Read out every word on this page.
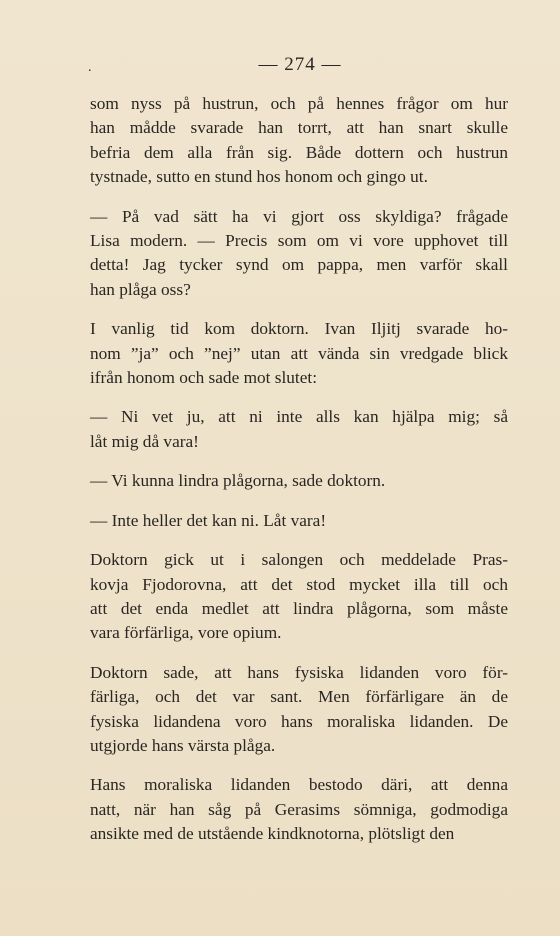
.	— 274 —

som nyss på hustrun, och på hennes frågor om hur
han mådde svarade han torrt, att han snart skulle
befria dem alla från sig. Både dottern och hustrun
tystnade, sutto en stund hos honom och gingo ut.

— På vad sätt ha vi gjort oss skyldiga? frågade
Lisa modern. — Precis som om vi vore upphovet till
detta! Jag tycker synd om pappa, men varför skall
han plåga oss?

I vanlig tid kom doktorn. Ivan Iljitj svarade ho-
nom ”ja” och ”nej” utan att vända sin vredgade blick
ifrån honom och sade mot slutet:

— Ni vet ju, att ni inte alls kan hjälpa mig; så
låt mig då vara!

— Vi kunna lindra plågorna, sade doktorn.

— Inte heller det kan ni. Låt vara!

Doktorn gick ut i salongen och meddelade Pras-
kovja Fjodorovna, att det stod mycket illa till och
att det enda medlet att lindra plågorna, som måste
vara förfärliga, vore opium.

Doktorn sade, att hans fysiska lidanden voro för-
färliga, och det var sant. Men förfärligare än de
fysiska lidandena voro hans moraliska lidanden. De
utgjorde hans värsta plåga.

Hans moraliska lidanden bestodo däri, att denna
natt, när han såg på Gerasims sömniga, godmodiga
ansikte med de utstående kindknotorna, plötsligt den
